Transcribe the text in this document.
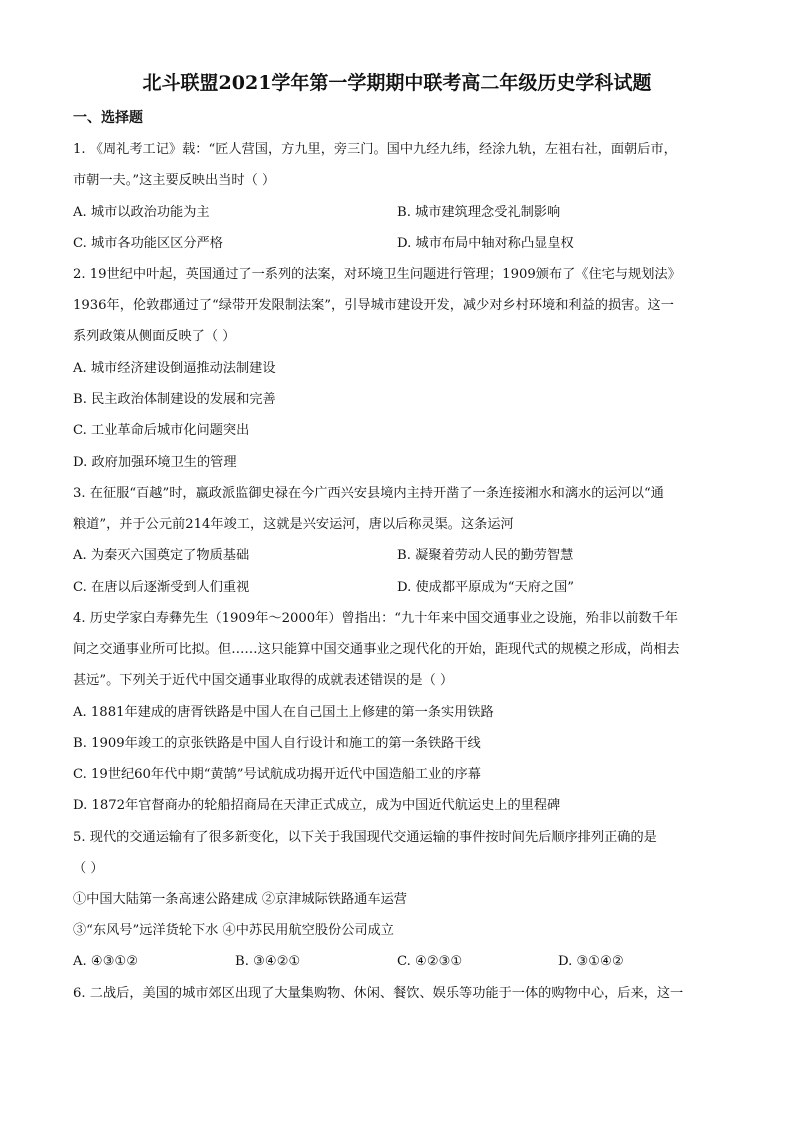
北斗联盟2021学年第一学期期中联考高二年级历史学科试题
一、选择题
1. 《周礼考工记》载：“匠人营国，方九里，旁三门。国中九经九纬，经涂九轨，左祖右社，面朝后市，
市朝一夫。”这主要反映出当时（ ）
A. 城市以政治功能为主	B. 城市建筑理念受礼制影响
C. 城市各功能区区分严格	D. 城市布局中轴对称凸显皇权
2. 19世纪中叶起，英国通过了一系列的法案，对环境卫生问题进行管理；1909颁布了《住宅与规划法》
1936年，伦敦郡通过了“绿带开发限制法案”，引导城市建设开发，减少对乡村环境和利益的损害。这一
系列政策从侧面反映了（ ）
A. 城市经济建设倒逼推动法制建设
B. 民主政治体制建设的发展和完善
C. 工业革命后城市化问题突出
D. 政府加强环境卫生的管理
3. 在征服“百越”时，嬴政派监御史禄在今广西兴安县境内主持开凿了一条连接湘水和漓水的运河以“通
粮道”，并于公元前214年竣工，这就是兴安运河，唐以后称灵渠。这条运河
A. 为秦灭六国奠定了物质基础	B. 凝聚着劳动人民的勤劳智慧
C. 在唐以后逐渐受到人们重视	D. 使成都平原成为“天府之国”
4. 历史学家白寿彝先生（1909年～2000年）曾指出：“九十年来中国交通事业之设施，殆非以前数千年
间之交通事业所可比拟。但……这只能算中国交通事业之现代化的开始，距现代式的规模之形成，尚相去
甚远”。下列关于近代中国交通事业取得的成就表述错误的是（ ）
A. 1881年建成的唐胥铁路是中国人在自己国土上修建的第一条实用铁路
B. 1909年竣工的京张铁路是中国人自行设计和施工的第一条铁路干线
C. 19世纪60年代中期“黄鹄”号试航成功揭开近代中国造船工业的序幕
D. 1872年官督商办的轮船招商局在天津正式成立，成为中国近代航运史上的里程碑
5. 现代的交通运输有了很多新变化，以下关于我国现代交通运输的事件按时间先后顺序排列正确的是
（ ）
①中国大陆第一条高速公路建成 ②京津城际铁路通车运营
③“东风号”远洋货轮下水 ④中苏民用航空股份公司成立
A. ④③①②	B. ③④②①	C. ④②③①	D. ③①④②
6. 二战后，美国的城市郊区出现了大量集购物、休闲、餐饮、娱乐等功能于一体的购物中心，后来，这一
